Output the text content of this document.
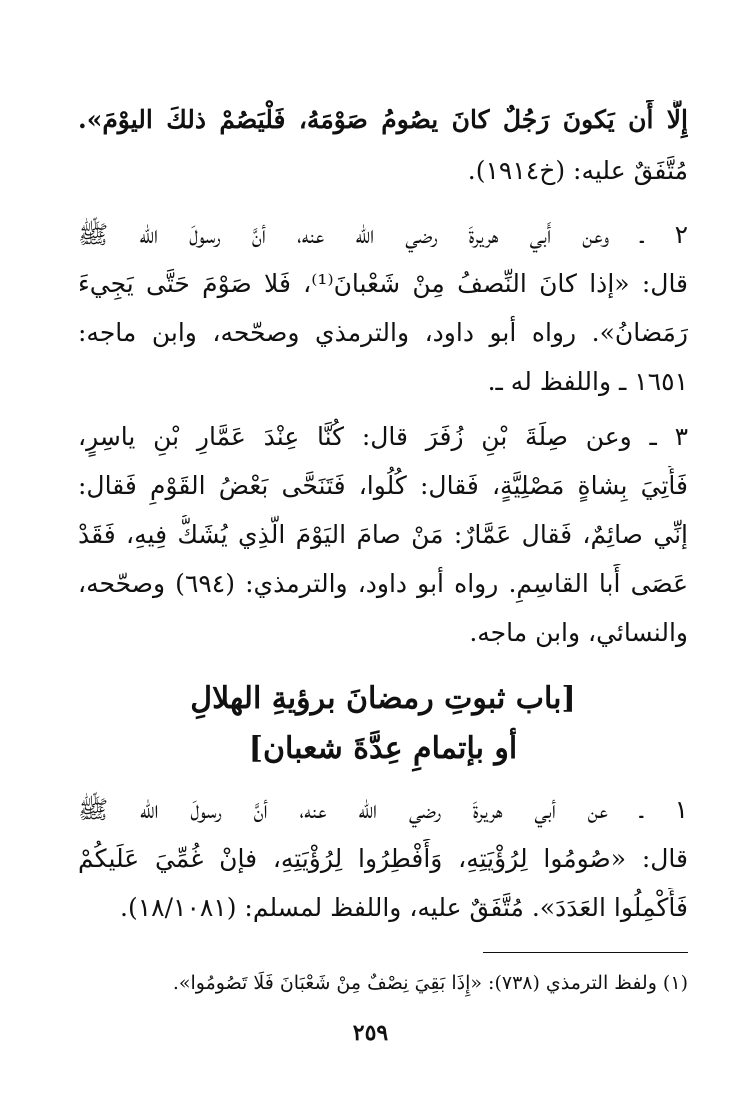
إِلَّا أَن يَكونَ رَجُلٌ كانَ يصُومُ صَوْمَهُ، فَلْيَصُمْ ذلكَ اليوْمَ».
مُتَّفَقٌ عليه: (خ١٩١٤).
٢ ـ وعن أَبي هريرةَ رضي الله عنه، أنَّ رسولَ الله ﷺ
قال: «إذا كانَ النِّصفُ مِنْ شَعْبانَ⁽¹⁾، فَلا صَوْمَ حَتَّى يَجِيءَ
رَمَضانُ». رواه أبو داود، والترمذي وصحّحه، وابن ماجه:
١٦٥١ ـ واللفظ له ـ.
٣ ـ وعن صِلَةَ بْنِ زُفَرَ قال: كُنَّا عِنْدَ عَمَّارِ بْنِ ياسِرٍ،
فَأُتِيَ بِشاةٍ مَصْلِيَّةٍ، فَقال: كُلُوا، فَتَنَحَّى بَعْضُ القَوْمِ فَقال:
إنِّي صائِمٌ، فَقال عَمَّارٌ: مَنْ صامَ اليَوْمَ الَّذِي يُشَكُّ فِيهِ، فَقَدْ
عَصَى أَبا القاسِمِ. رواه أبو داود، والترمذي: (٦٩٤) وصحّحه،
والنسائي، وابن ماجه.
[باب ثبوتِ رمضانَ برؤيةِ الهلالِ
أو بإتمامِ عِدَّةَ شعبان]
١ ـ عن أبي هريرةَ رضي الله عنه، أنَّ رسولَ الله ﷺ
قال: «صُومُوا لِرُؤْيَتِهِ، وَأَفْطِرُوا لِرُؤْيَتِهِ، فإنْ غُمِّيَ عَلَيكُمْ
فَأَكْمِلُوا العَدَدَ». مُتَّفَقٌ عليه، واللفظ لمسلم: (١٨/١٠٨١).
(١) ولفظ الترمذي (٧٣٨): «إِذَا بَقِيَ نِصْفٌ مِنْ شَعْبَانَ فَلَا تَصُومُوا».
٢٥٩
